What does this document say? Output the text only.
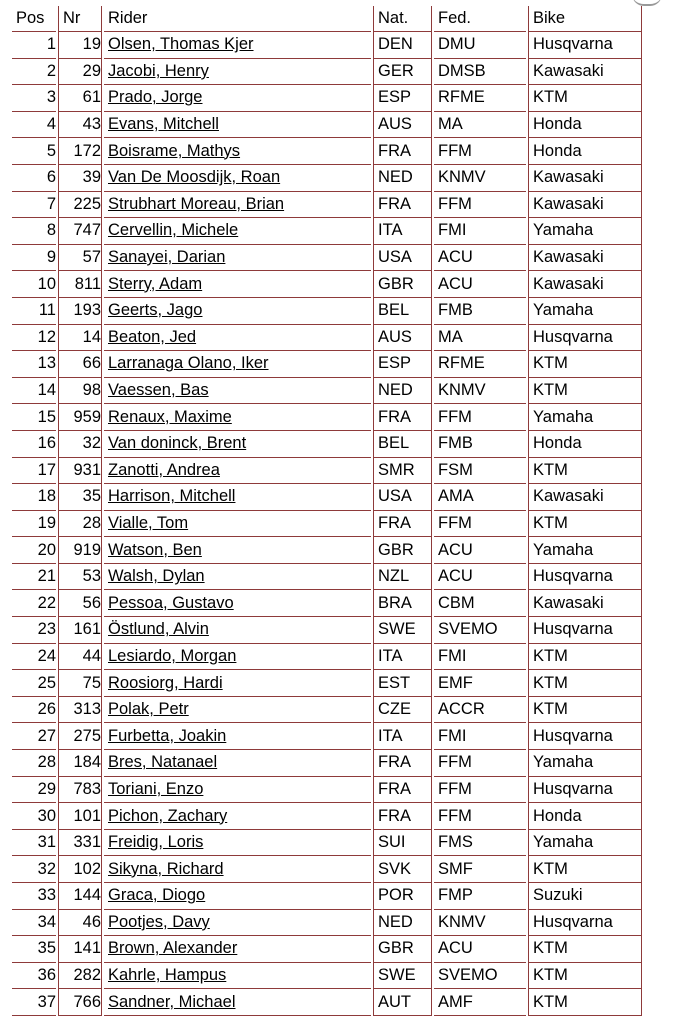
Pos	Nr	Rider	Nat.	Fed.	Bike
1	19	Olsen, Thomas Kjer	DEN	DMU	Husqvarna
2	29	Jacobi, Henry	GER	DMSB	Kawasaki
3	61	Prado, Jorge	ESP	RFME	KTM
4	43	Evans, Mitchell	AUS	MA	Honda
5	172	Boisrame, Mathys	FRA	FFM	Honda
6	39	Van De Moosdijk, Roan	NED	KNMV	Kawasaki
7	225	Strubhart Moreau, Brian	FRA	FFM	Kawasaki
8	747	Cervellin, Michele	ITA	FMI	Yamaha
9	57	Sanayei, Darian	USA	ACU	Kawasaki
10	811	Sterry, Adam	GBR	ACU	Kawasaki
11	193	Geerts, Jago	BEL	FMB	Yamaha
12	14	Beaton, Jed	AUS	MA	Husqvarna
13	66	Larranaga Olano, Iker	ESP	RFME	KTM
14	98	Vaessen, Bas	NED	KNMV	KTM
15	959	Renaux, Maxime	FRA	FFM	Yamaha
16	32	Van doninck, Brent	BEL	FMB	Honda
17	931	Zanotti, Andrea	SMR	FSM	KTM
18	35	Harrison, Mitchell	USA	AMA	Kawasaki
19	28	Vialle, Tom	FRA	FFM	KTM
20	919	Watson, Ben	GBR	ACU	Yamaha
21	53	Walsh, Dylan	NZL	ACU	Husqvarna
22	56	Pessoa, Gustavo	BRA	CBM	Kawasaki
23	161	Östlund, Alvin	SWE	SVEMO	Husqvarna
24	44	Lesiardo, Morgan	ITA	FMI	KTM
25	75	Roosiorg, Hardi	EST	EMF	KTM
26	313	Polak, Petr	CZE	ACCR	KTM
27	275	Furbetta, Joakin	ITA	FMI	Husqvarna
28	184	Bres, Natanael	FRA	FFM	Yamaha
29	783	Toriani, Enzo	FRA	FFM	Husqvarna
30	101	Pichon, Zachary	FRA	FFM	Honda
31	331	Freidig, Loris	SUI	FMS	Yamaha
32	102	Sikyna, Richard	SVK	SMF	KTM
33	144	Graca, Diogo	POR	FMP	Suzuki
34	46	Pootjes, Davy	NED	KNMV	Husqvarna
35	141	Brown, Alexander	GBR	ACU	KTM
36	282	Kahrle, Hampus	SWE	SVEMO	KTM
37	766	Sandner, Michael	AUT	AMF	KTM
